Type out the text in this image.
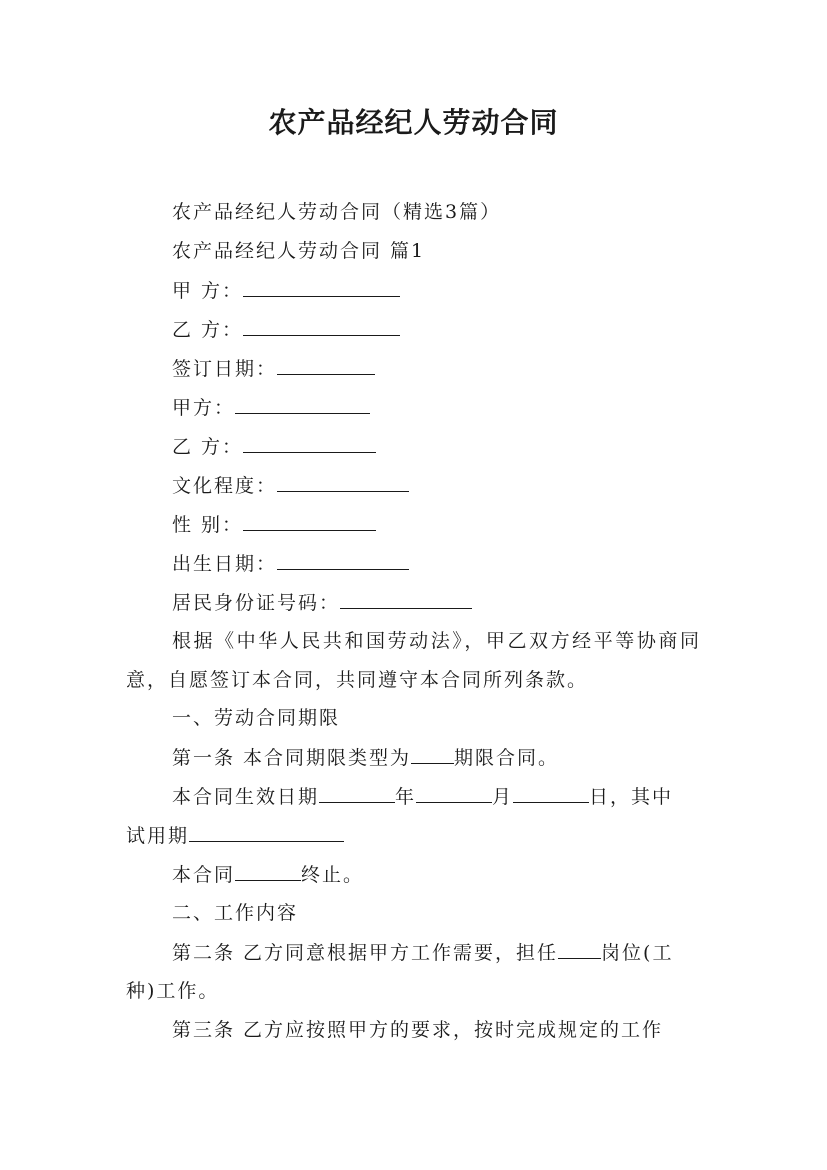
农产品经纪人劳动合同
农产品经纪人劳动合同（精选3篇）
农产品经纪人劳动合同 篇1
甲 方：
乙 方：
签订日期：
甲方：
乙 方：
文化程度：
性 别：
出生日期：
居民身份证号码：
根据《中华人民共和国劳动法》，甲乙双方经平等协商同意，自愿签订本合同，共同遵守本合同所列条款。
一、劳动合同期限
第一条 本合同期限类型为 期限合同。
本合同生效日期	年	月	日，其中
试用期
本合同	终止。
二、工作内容
第二条 乙方同意根据甲方工作需要，担任 岗位(工
种)工作。
第三条 乙方应按照甲方的要求，按时完成规定的工作
